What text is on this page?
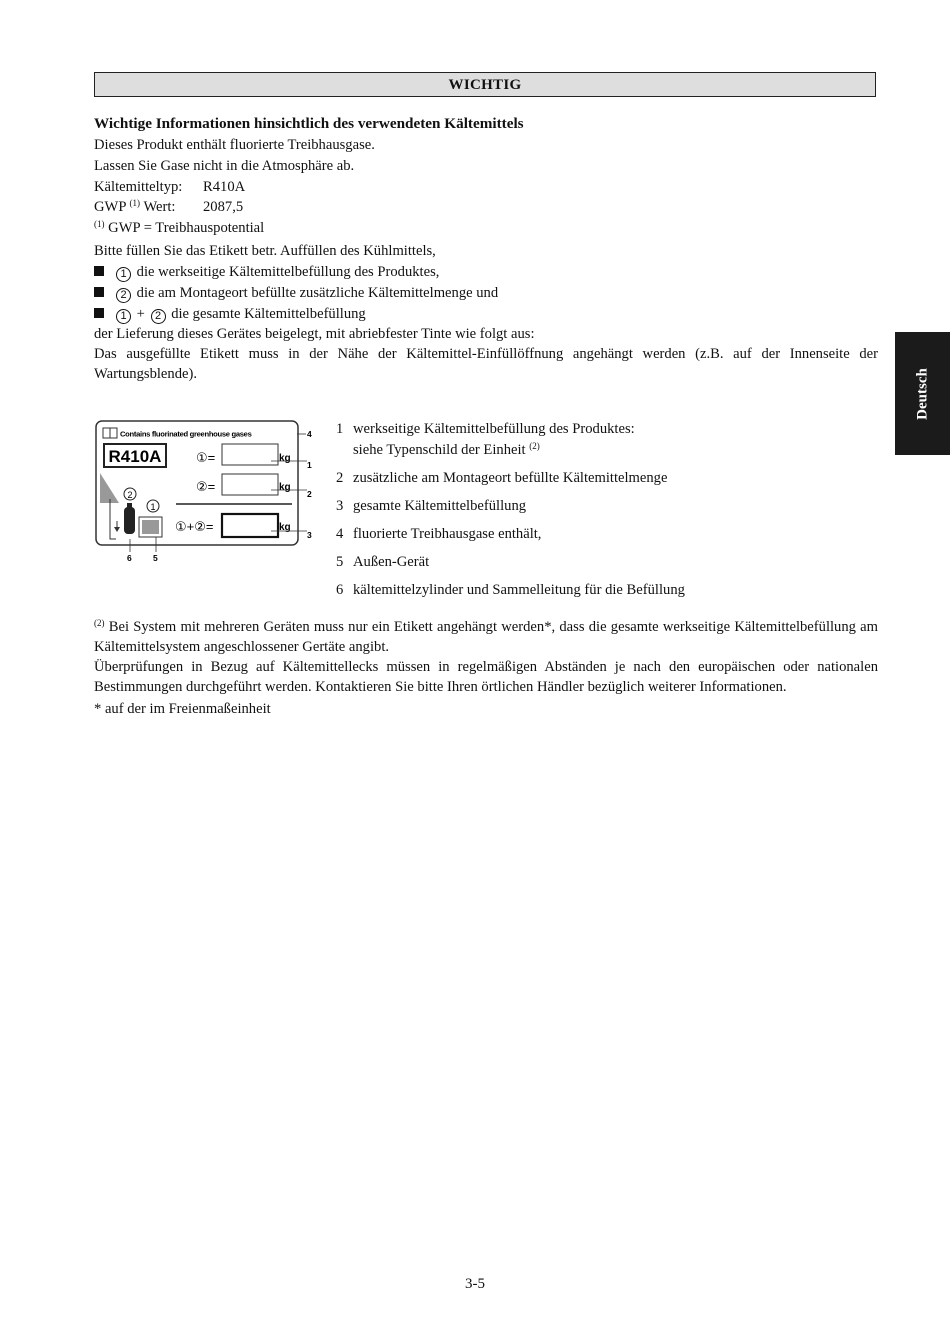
WICHTIG
Wichtige Informationen hinsichtlich des verwendeten Kältemittels
Dieses Produkt enthält fluorierte Treibhausgase.
Lassen Sie Gase nicht in die Atmosphäre ab.
Kältemitteltyp: R410A
GWP $^{(1)}$ Wert: 2087,5
$^{(1)}$ GWP = Treibhauspotential
Bitte füllen Sie das Etikett betr. Auffüllen des Kühlmittels,
1 die werkseitige Kältemittelbefüllung des Produktes,
2 die am Montageort befüllte zusätzliche Kältemittelmenge und
1 + 2 die gesamte Kältemittelbefüllung
der Lieferung dieses Gerätes beigelegt, mit abriebfester Tinte wie folgt aus:
Das ausgefüllte Etikett muss in der Nähe der Kältemittel-Einfüllöffnung angehängt werden (z.B. auf der Innenseite der Wartungsblende).	Deutsch
Contains fluorinated greenhouse gases	4
R410A	①=	kg
1
②=	kg
2
①+②=	kg
3
2
1
6	5
1 werkseitige Kältemittelbefüllung des Produktes:
siehe Typenschild der Einheit $^{(2)}$
2 zusätzliche am Montageort befüllte Kältemittelmenge
3 gesamte Kältemittelbefüllung
4 fluorierte Treibhausgase enthält,
5 Außen-Gerät
6 kältemittelzylinder und Sammelleitung für die Befüllung
$^{(2)}$ Bei System mit mehreren Geräten muss nur ein Etikett angehängt werden*, dass die gesamte werkseitige Kältemittelbefüllung am Kältemittelsystem angeschlossener Gertäte angibt.
Überprüfungen in Bezug auf Kältemittellecks müssen in regelmäßigen Abständen je nach den europäischen oder nationalen Bestimmungen durchgeführt werden. Kontaktieren Sie bitte Ihren örtlichen Händler bezüglich weiterer Informationen.
* auf der im Freienmaßeinheit
3-5
